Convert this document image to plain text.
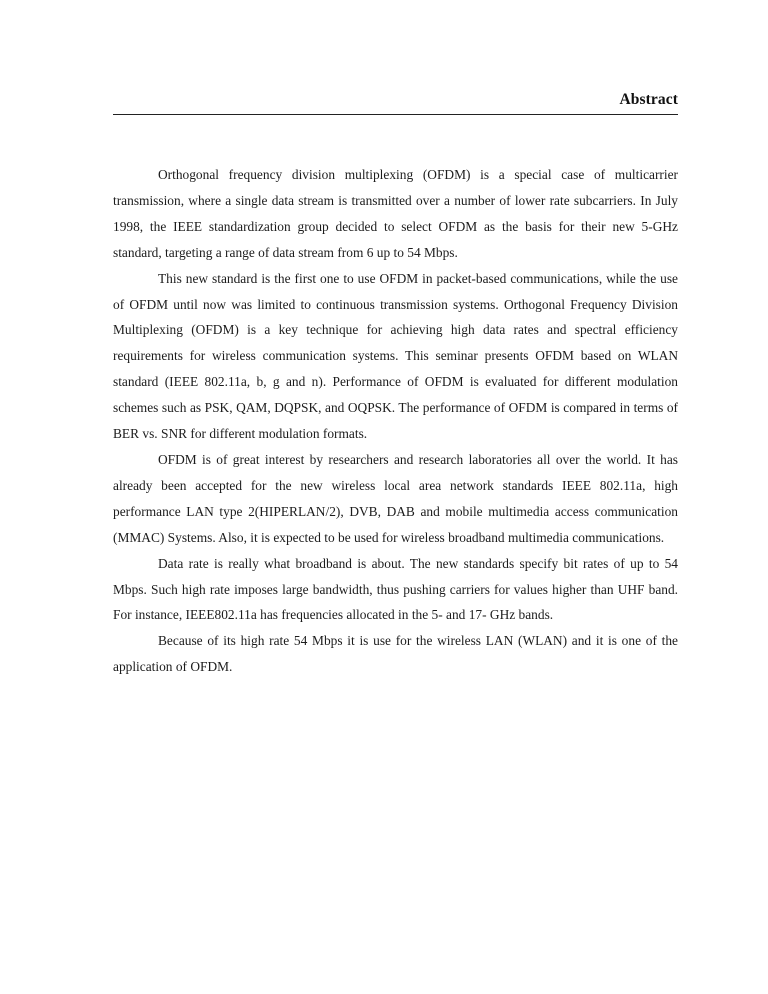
Abstract

Orthogonal frequency division multiplexing (OFDM) is a special case of multicarrier transmission, where a single data stream is transmitted over a number of lower rate subcarriers. In July 1998, the IEEE standardization group decided to select OFDM as the basis for their new 5-GHz standard, targeting a range of data stream from 6 up to 54 Mbps.

This new standard is the first one to use OFDM in packet-based communications, while the use of OFDM until now was limited to continuous transmission systems. Orthogonal Frequency Division Multiplexing (OFDM) is a key technique for achieving high data rates and spectral efficiency requirements for wireless communication systems. This seminar presents OFDM based on WLAN standard (IEEE 802.11a, b, g and n). Performance of OFDM is evaluated for different modulation schemes such as PSK, QAM, DQPSK, and OQPSK. The performance of OFDM is compared in terms of BER vs. SNR for different modulation formats.

OFDM is of great interest by researchers and research laboratories all over the world. It has already been accepted for the new wireless local area network standards IEEE 802.11a, high performance LAN type 2(HIPERLAN/2), DVB, DAB and mobile multimedia access communication (MMAC) Systems. Also, it is expected to be used for wireless broadband multimedia communications.

Data rate is really what broadband is about. The new standards specify bit rates of up to 54 Mbps. Such high rate imposes large bandwidth, thus pushing carriers for values higher than UHF band. For instance, IEEE802.11a has frequencies allocated in the 5- and 17- GHz bands.

Because of its high rate 54 Mbps it is use for the wireless LAN (WLAN) and it is one of the application of OFDM.
